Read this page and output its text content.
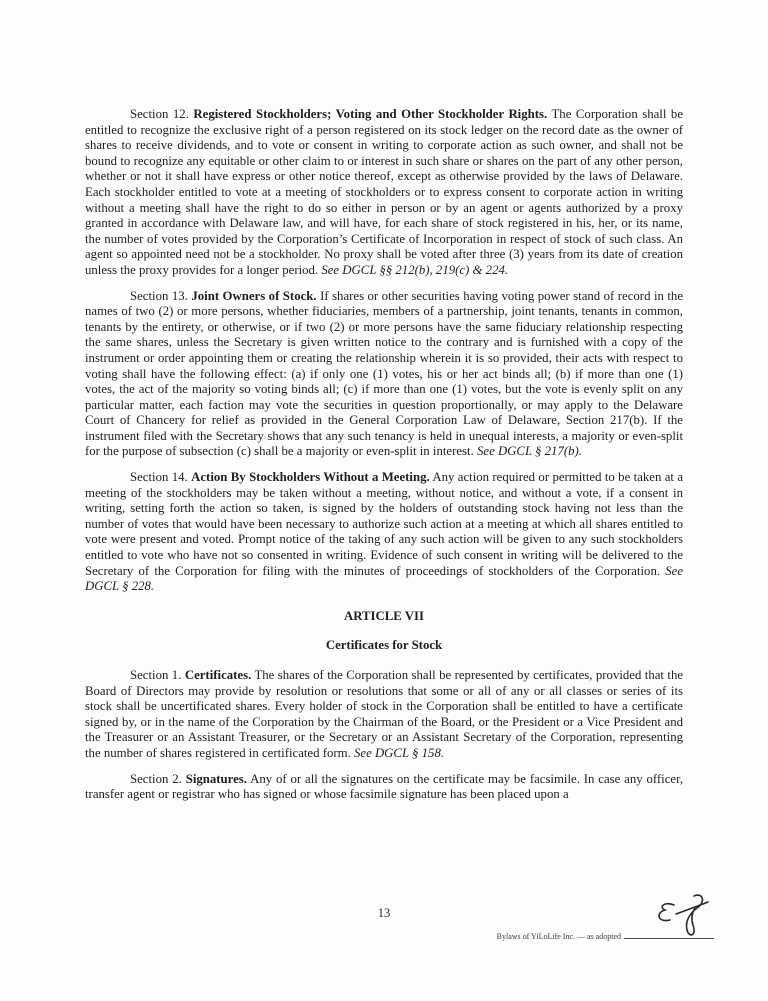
Section 12. Registered Stockholders; Voting and Other Stockholder Rights. The Corporation shall be entitled to recognize the exclusive right of a person registered on its stock ledger on the record date as the owner of shares to receive dividends, and to vote or consent in writing to corporate action as such owner, and shall not be bound to recognize any equitable or other claim to or interest in such share or shares on the part of any other person, whether or not it shall have express or other notice thereof, except as otherwise provided by the laws of Delaware. Each stockholder entitled to vote at a meeting of stockholders or to express consent to corporate action in writing without a meeting shall have the right to do so either in person or by an agent or agents authorized by a proxy granted in accordance with Delaware law, and will have, for each share of stock registered in his, her, or its name, the number of votes provided by the Corporation’s Certificate of Incorporation in respect of stock of such class. An agent so appointed need not be a stockholder. No proxy shall be voted after three (3) years from its date of creation unless the proxy provides for a longer period. See DGCL §§ 212(b), 219(c) & 224.

Section 13. Joint Owners of Stock. If shares or other securities having voting power stand of record in the names of two (2) or more persons, whether fiduciaries, members of a partnership, joint tenants, tenants in common, tenants by the entirety, or otherwise, or if two (2) or more persons have the same fiduciary relationship respecting the same shares, unless the Secretary is given written notice to the contrary and is furnished with a copy of the instrument or order appointing them or creating the relationship wherein it is so provided, their acts with respect to voting shall have the following effect: (a) if only one (1) votes, his or her act binds all; (b) if more than one (1) votes, the act of the majority so voting binds all; (c) if more than one (1) votes, but the vote is evenly split on any particular matter, each faction may vote the securities in question proportionally, or may apply to the Delaware Court of Chancery for relief as provided in the General Corporation Law of Delaware, Section 217(b). If the instrument filed with the Secretary shows that any such tenancy is held in unequal interests, a majority or even-split for the purpose of subsection (c) shall be a majority or even-split in interest. See DGCL § 217(b).

Section 14. Action By Stockholders Without a Meeting. Any action required or permitted to be taken at a meeting of the stockholders may be taken without a meeting, without notice, and without a vote, if a consent in writing, setting forth the action so taken, is signed by the holders of outstanding stock having not less than the number of votes that would have been necessary to authorize such action at a meeting at which all shares entitled to vote were present and voted. Prompt notice of the taking of any such action will be given to any such stockholders entitled to vote who have not so consented in writing. Evidence of such consent in writing will be delivered to the Secretary of the Corporation for filing with the minutes of proceedings of stockholders of the Corporation. See DGCL § 228.

ARTICLE VII

Certificates for Stock

Section 1. Certificates. The shares of the Corporation shall be represented by certificates, provided that the Board of Directors may provide by resolution or resolutions that some or all of any or all classes or series of its stock shall be uncertificated shares. Every holder of stock in the Corporation shall be entitled to have a certificate signed by, or in the name of the Corporation by the Chairman of the Board, or the President or a Vice President and the Treasurer or an Assistant Treasurer, or the Secretary or an Assistant Secretary of the Corporation, representing the number of shares registered in certificated form. See DGCL § 158.

Section 2. Signatures. Any of or all the signatures on the certificate may be facsimile. In case any officer, transfer agent or registrar who has signed or whose facsimile signature has been placed upon a

13
Bylaws of YiLoLife Inc. — as adopted
